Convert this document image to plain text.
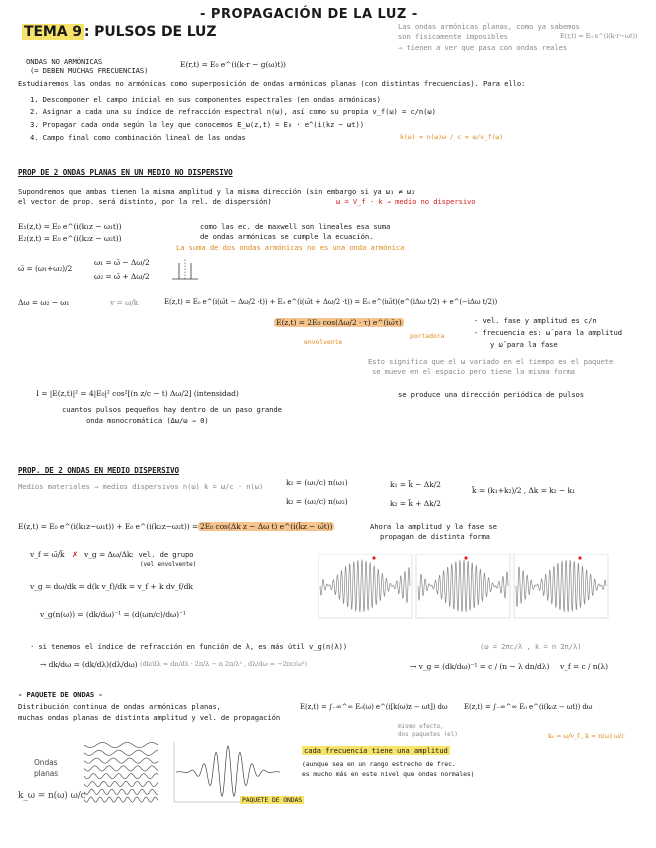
- PROPAGACIÓN DE LA LUZ -
TEMA 9 : PULSOS DE LUZ	Las ondas armónicas planas, como ya sabemos
son físicamente imposibles	E(r,t) = E₀ e^(i(k·r−ωt))
→ tienen a ver que pasa con ondas reales
ONDAS NO ARMÓNICAS
(= DEBEN MUCHAS FRECUENCIAS)
E(r,t) = E₀ e^(i(k·r − g(ω)t))
Estudiaremos las ondas no armónicas como superposición de ondas armónicas planas (con distintas frecuencias). Para ello:
1. Descomponer el campo inicial en sus componentes espectrales (en ondas armónicas)
2. Asignar a cada una su índice de refracción espectral n(ω), así como su propia v_f(ω) = c/n(ω)
3. Propagar cada onda según la ley que conocemos E_ω(z,t) = E₀ · e^(i(kz − ωt))
4. Campo final como combinación lineal de las ondas	k(ω) = n(ω)ω / c = ω/v_f(ω)
PROP DE 2 ONDAS PLANAS EN UN MEDIO NO DISPERSIVO
Supondremos que ambas tienen la misma amplitud y la misma dirección (sin embargo si ya ω₁ ≠ ω₂
el vector de prop. será distinto, por la rel. de dispersión)	ω = V_f · k → medio no dispersivo
E₁(z,t) = E₀ e^(i(k₁z − ω₁t))
E₂(z,t) = E₀ e^(i(k₂z − ω₂t))
como las ec. de maxwell son lineales esa suma
de ondas armónicas se cumple la ecuación.
La suma de dos ondas armónicas no es una onda armónica
ω̄ = (ω₁+ω₂)/2
ω₁ = ω̄ − Δω/2
ω₂ = ω̄ + Δω/2
Δω = ω₂ − ω₁	v = ω/k	E(z,t) = E₀ e^(i(ω̄t − Δω/2 ·t)) + E₀ e^(i(ω̄t + Δω/2 ·t)) = E₀ e^(iω̄t)(e^(iΔω t/2) + e^(−iΔω t/2))
E(z,t) = 2E₀ cos(Δω/2 · τ) e^(iω̄τ)
envolvente
portadora
- vel. fase y amplitud es c/n
- frecuencia es: ω̄ para la amplitud
y ω̄ para la fase
Esto significa que el ω variado en el tiempo es el paquete
se mueve en el espacio pero tiene la misma forma
se produce una dirección periódica de pulsos
I = |E(z,t)|² = 4|E₀|² cos²[(n z/c − t) Δω/2] (intensidad)
cuantos pulsos pequeños hay dentro de un paso grande
onda monocromática (Δω/ω → 0)
PROP. DE 2 ONDAS EN MEDIO DISPERSIVO
Medios materiales → medios dispersivos n(ω) k = ω/c · n(ω)	k₁ = (ω₁/c) n(ω₁)
k₂ = (ω₂/c) n(ω₂)
k₁ = k̄ − Δk/2
k₂ = k̄ + Δk/2
k̄ = (k₁+k₂)/2 , Δk = k₂ − k₁
E(z,t) = E₀ e^(i(k₁z−ω₁t)) + E₀ e^(i(k₂z−ω₂t)) = 2E₀ cos(Δk z − Δω t) e^(i(k̄z − ω̄t))	Ahora la amplitud y la fase se
propagan de distinta forma
v_f = ω̄/k̄ ✗ v_g = Δω/Δk
: vel. de grupo
(vel envolvente)
v_g = dω/dk = d(k v_f)/dk = v_f + k dv_f/dk
v_g(n(ω)) = (dk/dω)⁻¹ = (d(ωn/c)/dω)⁻¹
· si tenemos el índice de refracción en función de λ, es más útil v_g(n(λ))	(ω = 2πc/λ , k = n 2π/λ)
→ dk/dω = (dk/dλ)(dλ/dω) (dk/dλ = dn/dλ · 2π/λ − n 2π/λ² , dλ/dω = −2πc/ω²)	→ v_g = (dk/dω)⁻¹ = c / (n − λ dn/dλ) v_f = c / n(λ)
- PAQUETE DE ONDAS -
Distribución continua de ondas armónicas planas,
muchas ondas planas de distinta amplitud y vel. de propagación
E(z,t) = ∫₋∞^∞ E₀(ω) e^(i[k(ω)z − ωt]) dω E(z,t) = ∫₋∞^∞ E₀ e^(i(k₀z − ωt)) dω
k₀ = ω/v_f , k = n(ω) ω/c
mismo efecto,
dos paquetes (el)
cada frecuencia tiene una amplitud
(aunque sea en un rango estrecho de frec.
es mucho más en este nivel que ondas normales)
Ondas
planas
k_ω = n(ω) ω/c	PAQUETE DE ONDAS
